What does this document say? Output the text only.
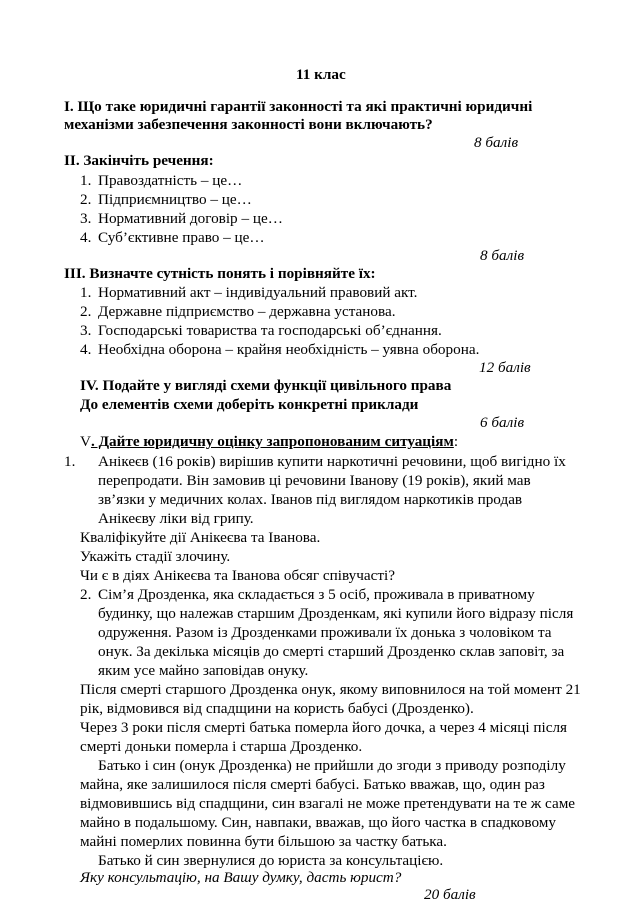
11 клас
I. Що таке юридичні гарантії законності та які практичні юридичні
механізми забезпечення законності вони включають?
8 балів
II. Закінчіть речення:
1. Правоздатність – це…
2. Підприємництво – це…
3. Нормативний договір – це…
4. Суб’єктивне право – це…
8 балів
III. Визначте сутність понять і порівняйте їх:
1. Нормативний акт – індивідуальний правовий акт.
2. Державне підприємство – державна установа.
3. Господарські товариства та господарські об’єднання.
4. Необхідна оборона – крайня необхідність – уявна оборона.
12 балів
IV. Подайте у вигляді схеми функції цивільного права
До елементів схеми доберіть конкретні приклади
6 балів
V. Дайте юридичну оцінку запропонованим ситуаціям:
1. Анікеєв (16 років) вирішив купити наркотичні речовини, щоб вигідно їх
перепродати. Він замовив ці речовини Іванову (19 років), який мав
зв’язки у медичних колах. Іванов під виглядом наркотиків продав
Анікеєву ліки від грипу.
Кваліфікуйте дії Анікеєва та Іванова.
Укажіть стадії злочину.
Чи є в діях Анікеєва та Іванова обсяг співучасті?
2. Сім’я Дрозденка, яка складається з 5 осіб, проживала в приватному
будинку, що належав старшим Дрозденкам, які купили його відразу після
одруження. Разом із Дрозденками проживали їх донька з чоловіком та
онук. За декілька місяців до смерті старший Дрозденко склав заповіт, за
яким усе майно заповідав онуку.
Після смерті старшого Дрозденка онук, якому виповнилося на той момент 21
рік, відмовився від спадщини на користь бабусі (Дрозденко).
Через 3 роки після смерті батька померла його дочка, а через 4 місяці після
смерті доньки померла і старша Дрозденко.
Батько і син (онук Дрозденка) не прийшли до згоди з приводу розподілу
майна, яке залишилося після смерті бабусі. Батько вважав, що, один раз
відмовившись від спадщини, син взагалі не може претендувати на те ж саме
майно в подальшому. Син, навпаки, вважав, що його частка в спадковому
майні померлих повинна бути більшою за частку батька.
Батько й син звернулися до юриста за консультацією.
Яку консультацію, на Вашу думку, дасть юрист?
20 балів
